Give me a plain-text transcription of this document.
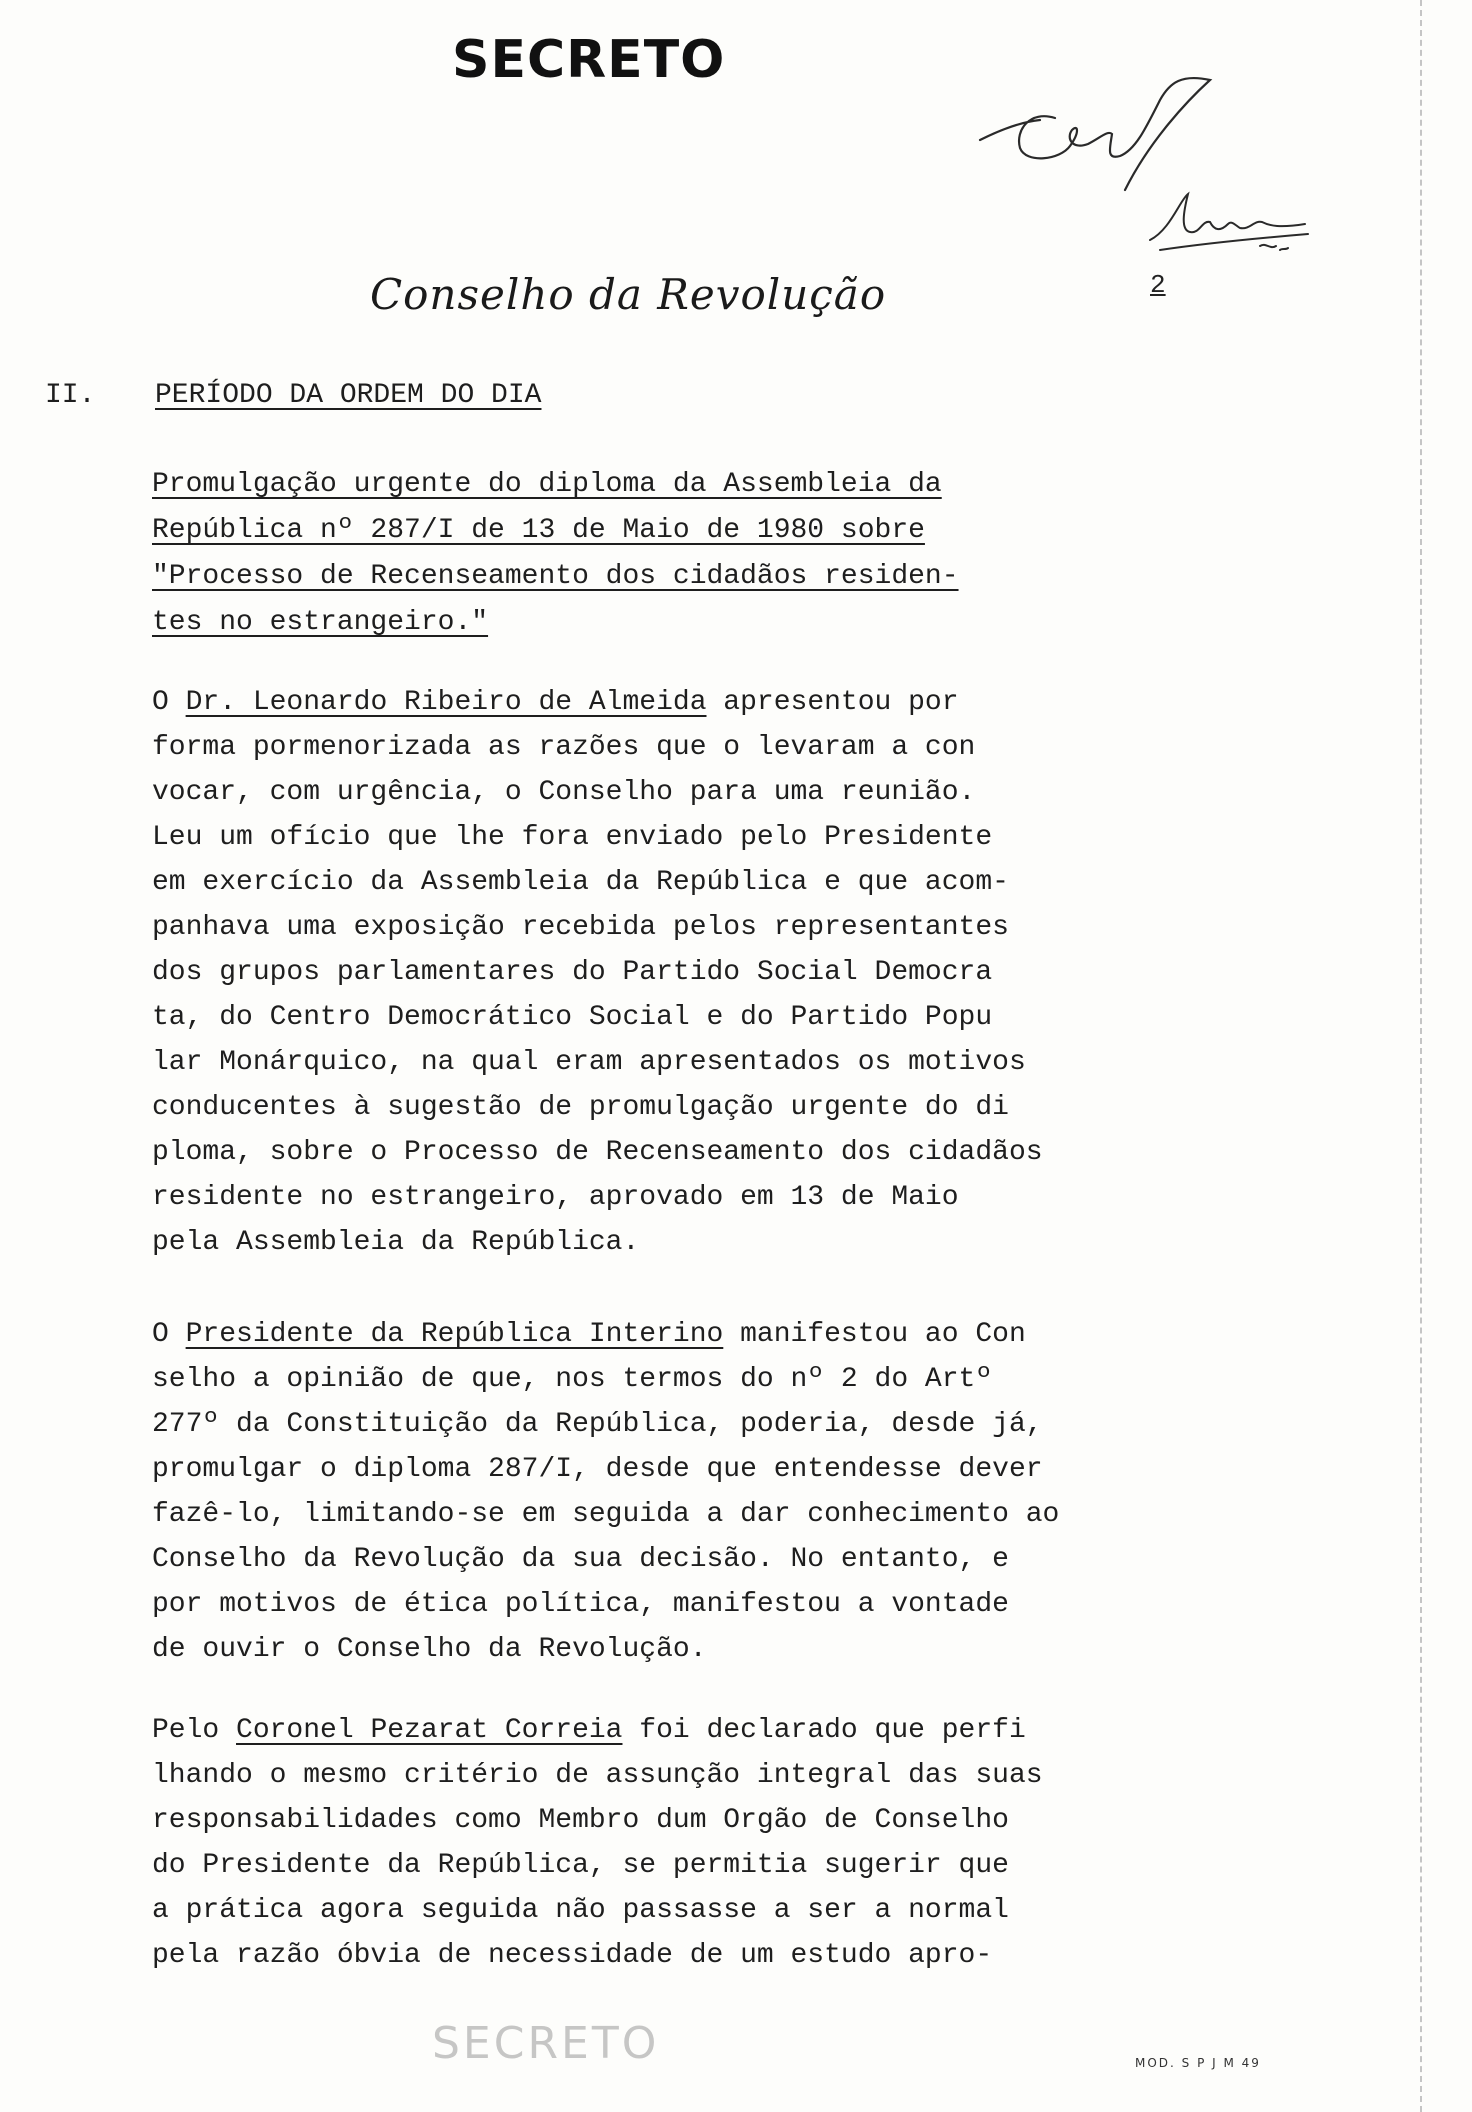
SECRETO
Conselho da Revolução	2
II. PERÍODO DA ORDEM DO DIA
Promulgação urgente do diploma da Assembleia da
República nº 287/I de 13 de Maio de 1980 sobre
"Processo de Recenseamento dos cidadãos residen-
tes no estrangeiro."
O Dr. Leonardo Ribeiro de Almeida apresentou por
forma pormenorizada as razões que o levaram a con
vocar, com urgência, o Conselho para uma reunião.
Leu um ofício que lhe fora enviado pelo Presidente
em exercício da Assembleia da República e que acom-
panhava uma exposição recebida pelos representantes
dos grupos parlamentares do Partido Social Democra
ta, do Centro Democrático Social e do Partido Popu
lar Monárquico, na qual eram apresentados os motivos
conducentes à sugestão de promulgação urgente do di
ploma, sobre o Processo de Recenseamento dos cidadãos
residente no estrangeiro, aprovado em 13 de Maio
pela Assembleia da República.
O Presidente da República Interino manifestou ao Con
selho a opinião de que, nos termos do nº 2 do Artº
277º da Constituição da República, poderia, desde já,
promulgar o diploma 287/I, desde que entendesse dever
fazê-lo, limitando-se em seguida a dar conhecimento ao
Conselho da Revolução da sua decisão. No entanto, e
por motivos de ética política, manifestou a vontade
de ouvir o Conselho da Revolução.
Pelo Coronel Pezarat Correia foi declarado que perfi
lhando o mesmo critério de assunção integral das suas
responsabilidades como Membro dum Orgão de Conselho
do Presidente da República, se permitia sugerir que
a prática agora seguida não passasse a ser a normal
pela razão óbvia de necessidade de um estudo apro-
SECRETO	MOD. S P J M 49
